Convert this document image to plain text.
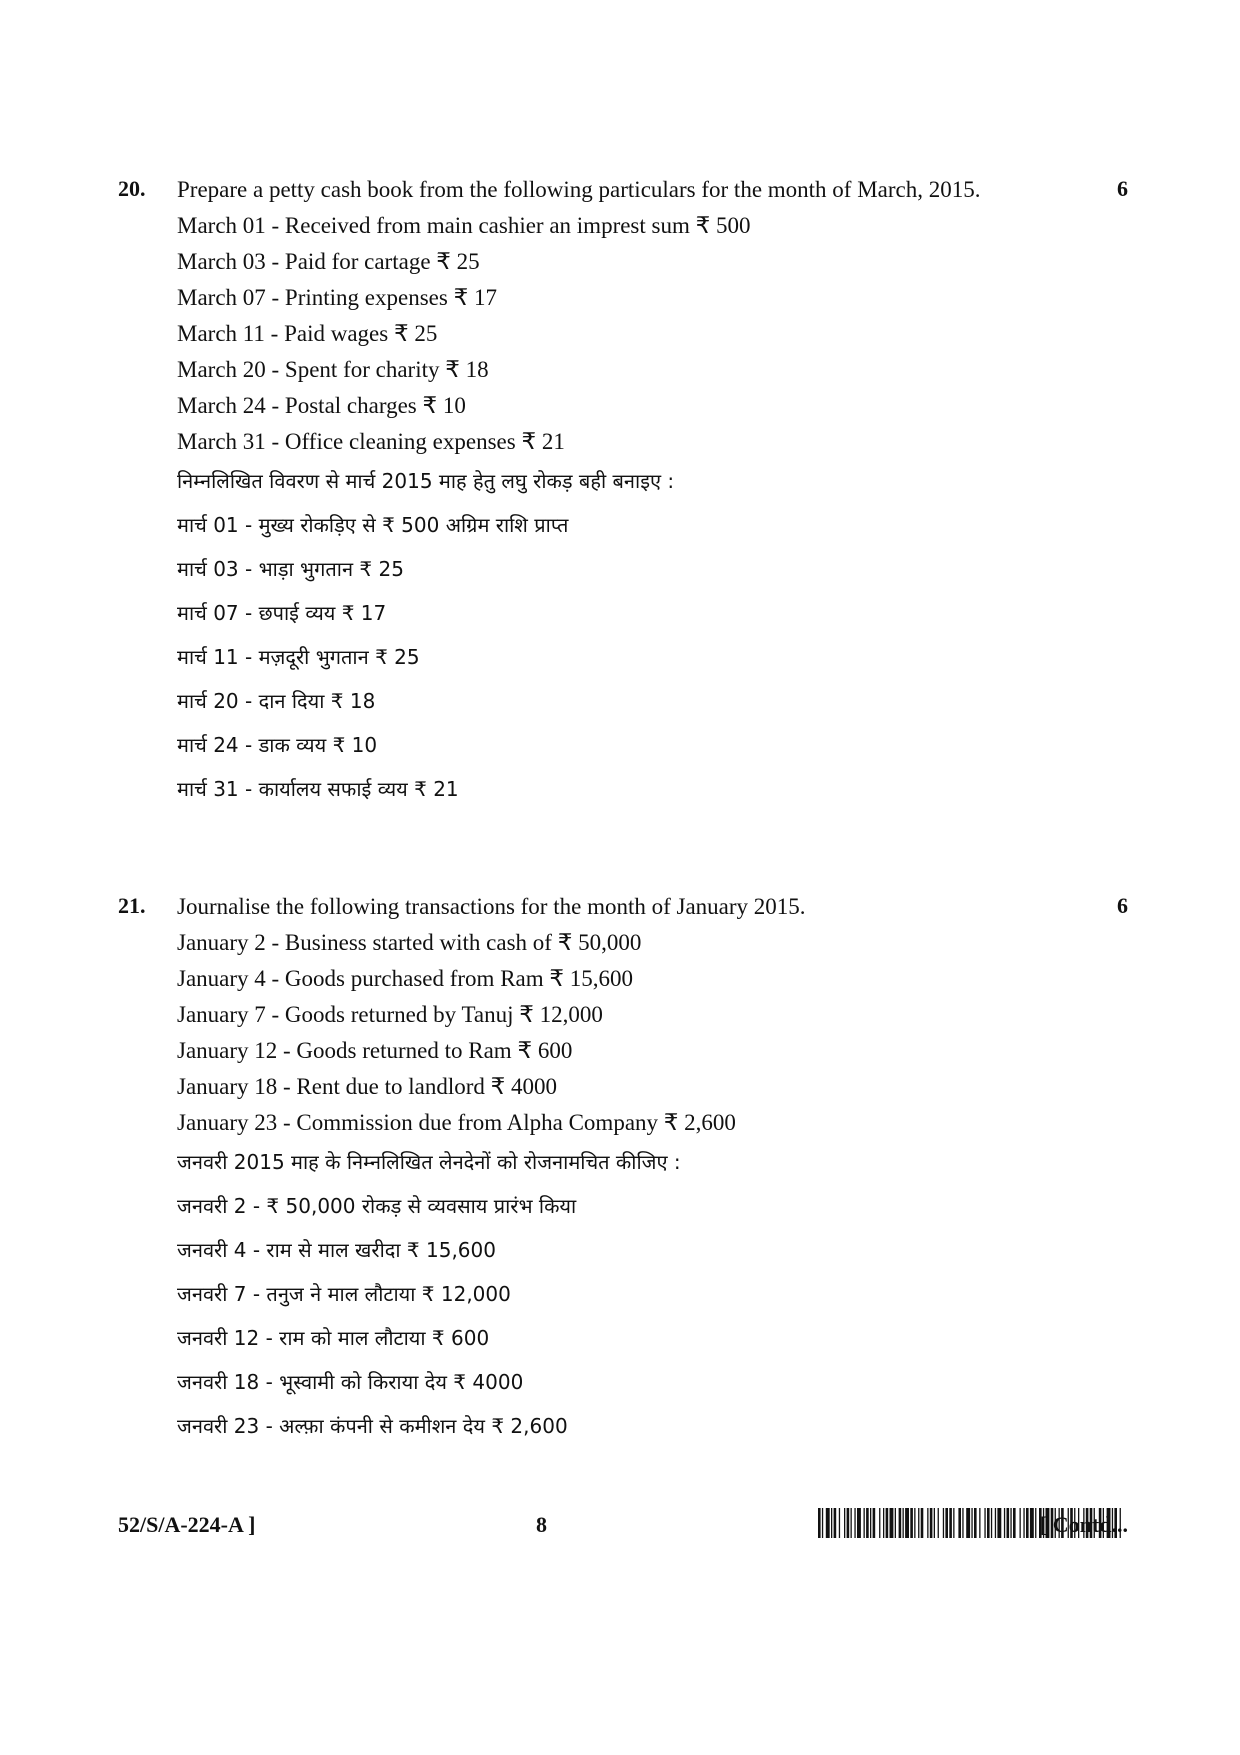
20.	6

Prepare a petty cash book from the following particulars for the month of March, 2015.

March 01 - Received from main cashier an imprest sum ₹ 500
March 03 - Paid for cartage ₹ 25
March 07 - Printing expenses ₹ 17
March 11 - Paid wages ₹ 25
March 20 - Spent for charity ₹ 18
March 24 - Postal charges ₹ 10
March 31 - Office cleaning expenses ₹ 21
निम्नलिखित विवरण से मार्च 2015 माह हेतु लघु रोकड़ बही बनाइए :
मार्च 01 - मुख्य रोकड़िए से ₹ 500 अग्रिम राशि प्राप्त
मार्च 03 - भाड़ा भुगतान ₹ 25
मार्च 07 - छपाई व्यय ₹ 17
मार्च 11 - मज़दूरी भुगतान ₹ 25
मार्च 20 - दान दिया ₹ 18
मार्च 24 - डाक व्यय ₹ 10
मार्च 31 - कार्यालय सफाई व्यय ₹ 21
21.	6

Journalise the following transactions for the month of January 2015.

January 2 - Business started with cash of ₹ 50,000
January 4 - Goods purchased from Ram ₹ 15,600
January 7 - Goods returned by Tanuj ₹ 12,000
January 12 - Goods returned to Ram ₹ 600
January 18 - Rent due to landlord ₹ 4000
January 23 - Commission due from Alpha Company ₹ 2,600
जनवरी 2015 माह के निम्नलिखित लेनदेनों को रोजनामचित कीजिए :
जनवरी 2 - ₹ 50,000 रोकड़ से व्यवसाय प्रारंभ किया
जनवरी 4 - राम से माल खरीदा ₹ 15,600
जनवरी 7 - तनुज ने माल लौटाया ₹ 12,000
जनवरी 12 - राम को माल लौटाया ₹ 600
जनवरी 18 - भूस्वामी को किराया देय ₹ 4000
जनवरी 23 - अल्फ़ा कंपनी से कमीशन देय ₹ 2,600
52/S/A-224-A ]	8	[ Contd...
